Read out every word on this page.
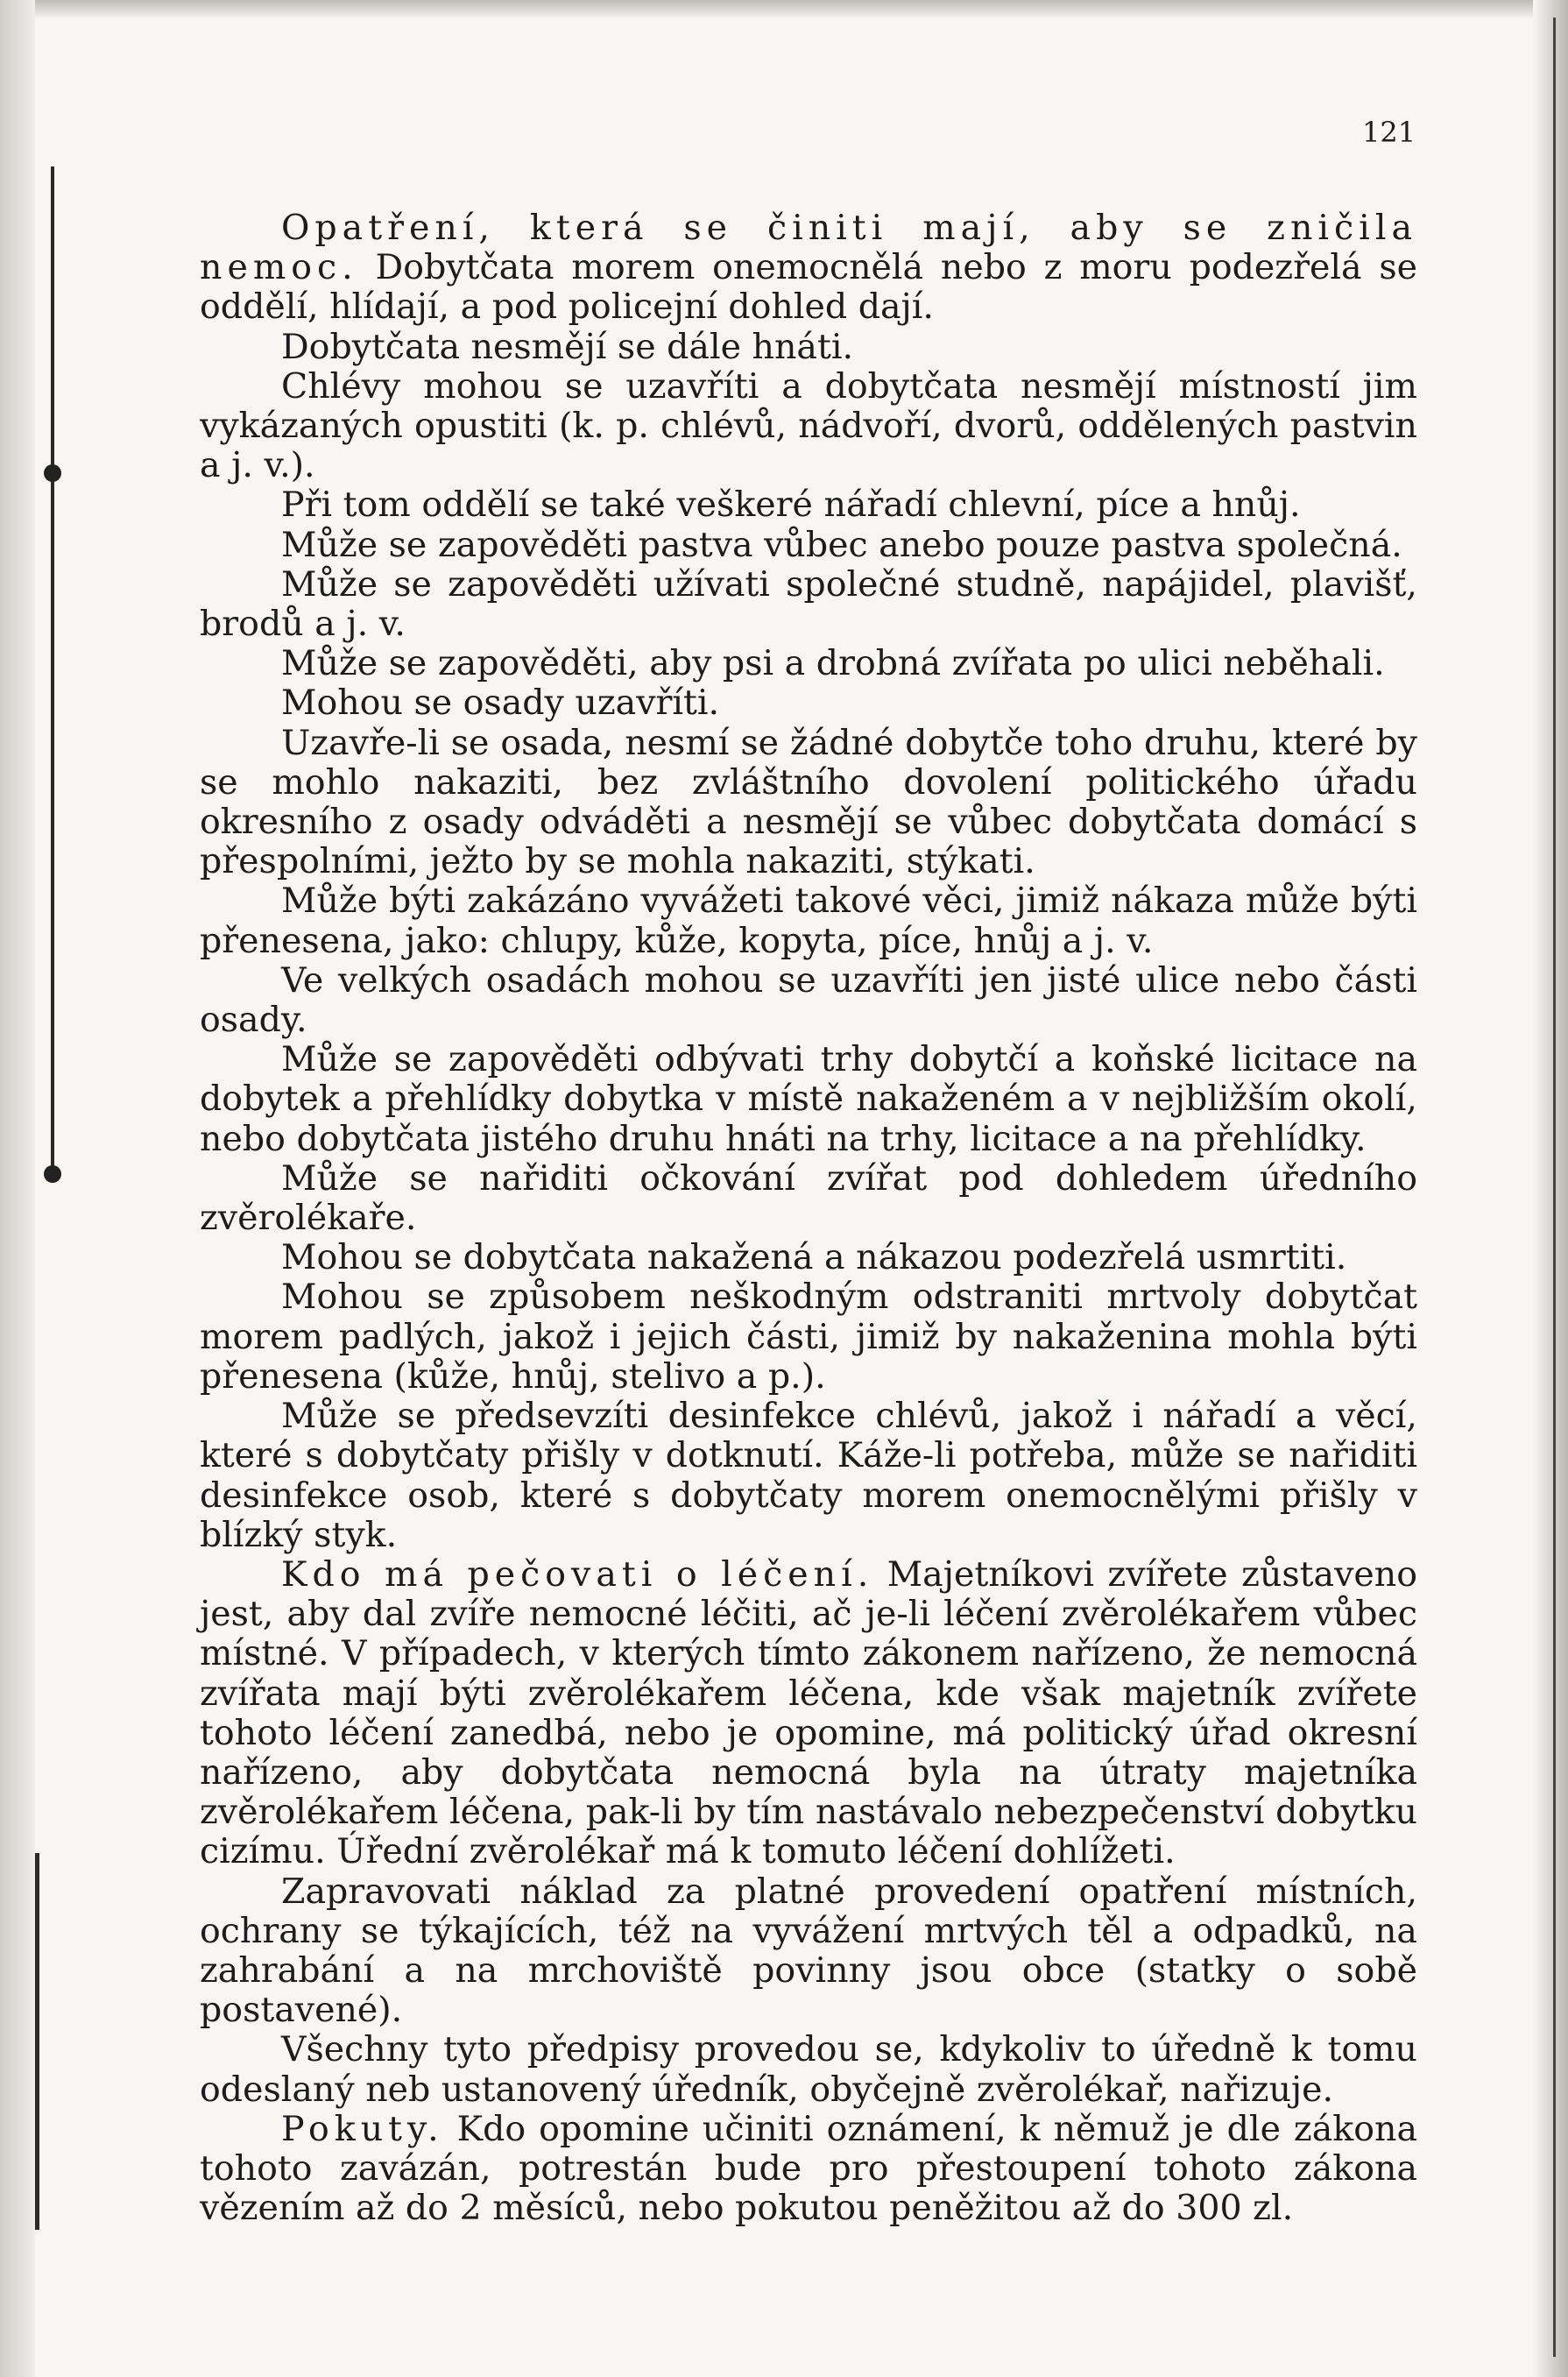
121

Opatření, která se činiti mají, aby se zničila nemoc. Dobytčata morem onemocnělá nebo z moru podezřelá se oddělí, hlídají, a pod policejní dohled dají.

Dobytčata nesmějí se dále hnáti.

Chlévy mohou se uzavříti a dobytčata nesmějí místností jim vykázaných opustiti (k. p. chlévů, nádvoří, dvorů, oddělených pastvin a j. v.).

Při tom oddělí se také veškeré nářadí chlevní, píce a hnůj.

Může se zapověděti pastva vůbec anebo pouze pastva společná.

Může se zapověděti užívati společné studně, napájidel, plavišť, brodů a j. v.

Může se zapověděti, aby psi a drobná zvířata po ulici neběhali.

Mohou se osady uzavříti.

Uzavře-li se osada, nesmí se žádné dobytče toho druhu, které by se mohlo nakaziti, bez zvláštního dovolení politického úřadu okresního z osady odváděti a nesmějí se vůbec dobytčata domácí s přespolními, ježto by se mohla nakaziti, stýkati.

Může býti zakázáno vyvážeti takové věci, jimiž nákaza může býti přenesena, jako: chlupy, kůže, kopyta, píce, hnůj a j. v.

Ve velkých osadách mohou se uzavříti jen jisté ulice nebo části osady.

Může se zapověděti odbývati trhy dobytčí a koňské licitace na dobytek a přehlídky dobytka v místě nakaženém a v nejbližším okolí, nebo dobytčata jistého druhu hnáti na trhy, licitace a na přehlídky.

Může se nařiditi očkování zvířat pod dohledem úředního zvěrolékaře.

Mohou se dobytčata nakažená a nákazou podezřelá usmrtiti.

Mohou se způsobem neškodným odstraniti mrtvoly dobytčat morem padlých, jakož i jejich části, jimiž by nakaženina mohla býti přenesena (kůže, hnůj, stelivo a p.).

Může se předsevzíti desinfekce chlévů, jakož i nářadí a věcí, které s dobytčaty přišly v dotknutí. Káže-li potřeba, může se nařiditi desinfekce osob, které s dobytčaty morem onemocnělými přišly v blízký styk.

Kdo má pečovati o léčení. Majetníkovi zvířete zůstaveno jest, aby dal zvíře nemocné léčiti, ač je-li léčení zvěrolékařem vůbec místné. V případech, v kterých tímto zákonem nařízeno, že nemocná zvířata mají býti zvěrolékařem léčena, kde však majetník zvířete tohoto léčení zanedbá, nebo je opomine, má politický úřad okresní nařízeno, aby dobytčata nemocná byla na útraty majetníka zvěrolékařem léčena, pak-li by tím nastávalo nebezpečenství dobytku cizímu. Úřední zvěrolékař má k tomuto léčení dohlížeti.

Zapravovati náklad za platné provedení opatření místních, ochrany se týkajících, též na vyvážení mrtvých těl a odpadků, na zahrabání a na mrchoviště povinny jsou obce (statky o sobě postavené).

Všechny tyto předpisy provedou se, kdykoliv to úředně k tomu odeslaný neb ustanovený úředník, obyčejně zvěrolékař, nařizuje.

Pokuty. Kdo opomine učiniti oznámení, k němuž je dle zákona tohoto zavázán, potrestán bude pro přestoupení tohoto zákona vězením až do 2 měsíců, nebo pokutou peněžitou až do 300 zl.
